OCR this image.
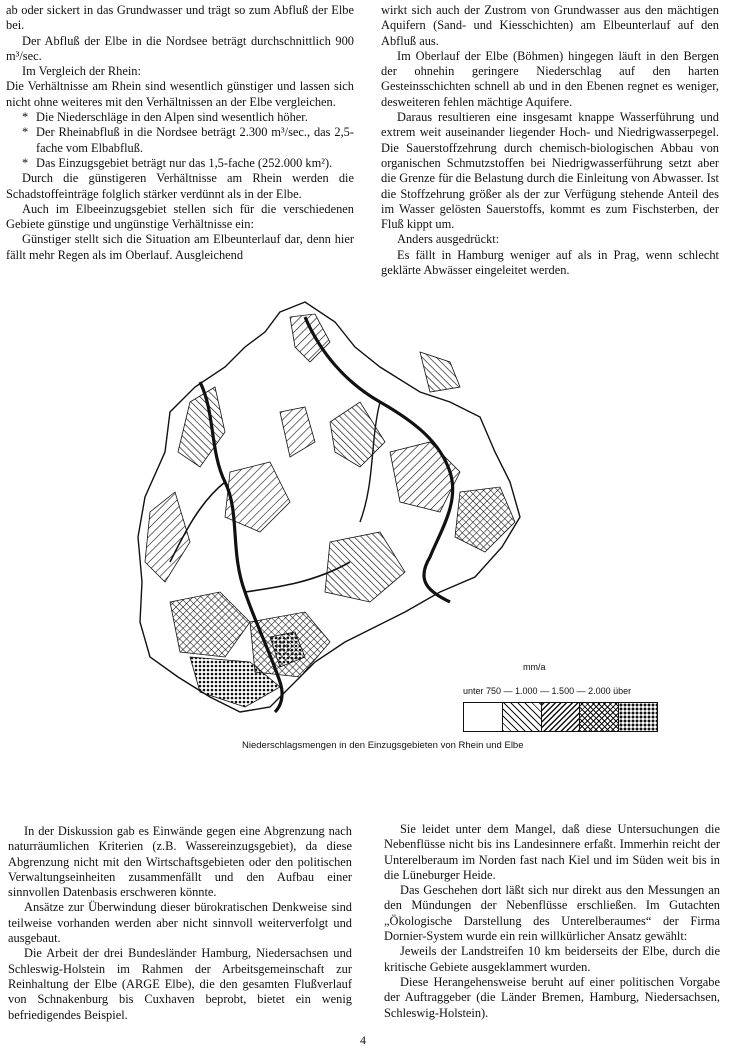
ab oder sickert in das Grundwasser und trägt so zum Abfluß der Elbe bei.

Der Abfluß der Elbe in die Nordsee beträgt durchschnittlich 900 m³/sec.

Im Vergleich der Rhein:

Die Verhältnisse am Rhein sind wesentlich günstiger und lassen sich nicht ohne weiteres mit den Verhältnissen an der Elbe vergleichen.

* Die Niederschläge in den Alpen sind wesentlich höher.

* Der Rheinabfluß in die Nordsee beträgt 2.300 m³/sec., das 2,5-fache vom Elbabfluß.

* Das Einzugsgebiet beträgt nur das 1,5-fache (252.000 km²).

Durch die günstigeren Verhältnisse am Rhein werden die Schadstoffeinträge folglich stärker verdünnt als in der Elbe.

Auch im Elbeeinzugsgebiet stellen sich für die verschiedenen Gebiete günstige und ungünstige Verhältnisse ein:

Günstiger stellt sich die Situation am Elbeunterlauf dar, denn hier fällt mehr Regen als im Oberlauf. Ausgleichend

wirkt sich auch der Zustrom von Grundwasser aus den mächtigen Aquifern (Sand- und Kiesschichten) am Elbeunterlauf auf den Abfluß aus.

Im Oberlauf der Elbe (Böhmen) hingegen läuft in den Bergen der ohnehin geringere Niederschlag auf den harten Gesteinsschichten schnell ab und in den Ebenen regnet es weniger, desweiteren fehlen mächtige Aquifere.

Daraus resultieren eine insgesamt knappe Wasserführung und extrem weit auseinander liegender Hoch- und Niedrigwasserpegel. Die Sauerstoffzehrung durch chemisch-biologischen Abbau von organischen Schmutzstoffen bei Niedrigwasserführung setzt aber die Grenze für die Belastung durch die Einleitung von Abwasser. Ist die Stoffzehrung größer als der zur Verfügung stehende Anteil des im Wasser gelösten Sauerstoffs, kommt es zum Fischsterben, der Fluß kippt um.

Anders ausgedrückt:

Es fällt in Hamburg weniger auf als in Prag, wenn schlecht geklärte Abwässer eingeleitet werden.

mm/a
unter 750 — 1.000 — 1.500 — 2.000 über
Niederschlagsmengen in den Einzugsgebieten von Rhein und Elbe

In der Diskussion gab es Einwände gegen eine Abgrenzung nach naturräumlichen Kriterien (z.B. Wassereinzugsgebiet), da diese Abgrenzung nicht mit den Wirtschaftsgebieten oder den politischen Verwaltungseinheiten zusammenfällt und den Aufbau einer sinnvollen Datenbasis erschweren könnte.

Ansätze zur Überwindung dieser bürokratischen Denkweise sind teilweise vorhanden werden aber nicht sinnvoll weiterverfolgt und ausgebaut.

Die Arbeit der drei Bundesländer Hamburg, Niedersachsen und Schleswig-Holstein im Rahmen der Arbeitsgemeinschaft zur Reinhaltung der Elbe (ARGE Elbe), die den gesamten Flußverlauf von Schnakenburg bis Cuxhaven beprobt, bietet ein wenig befriedigendes Beispiel.

Sie leidet unter dem Mangel, daß diese Untersuchungen die Nebenflüsse nicht bis ins Landesinnere erfaßt. Immerhin reicht der Unterelberaum im Norden fast nach Kiel und im Süden weit bis in die Lüneburger Heide.

Das Geschehen dort läßt sich nur direkt aus den Messungen an den Mündungen der Nebenflüsse erschließen. Im Gutachten „Ökologische Darstellung des Unterelberaumes“ der Firma Dornier-System wurde ein rein willkürlicher Ansatz gewählt:

Jeweils der Landstreifen 10 km beiderseits der Elbe, durch die kritische Gebiete ausgeklammert wurden.

Diese Herangehensweise beruht auf einer politischen Vorgabe der Auftraggeber (die Länder Bremen, Hamburg, Niedersachsen, Schleswig-Holstein).

4
